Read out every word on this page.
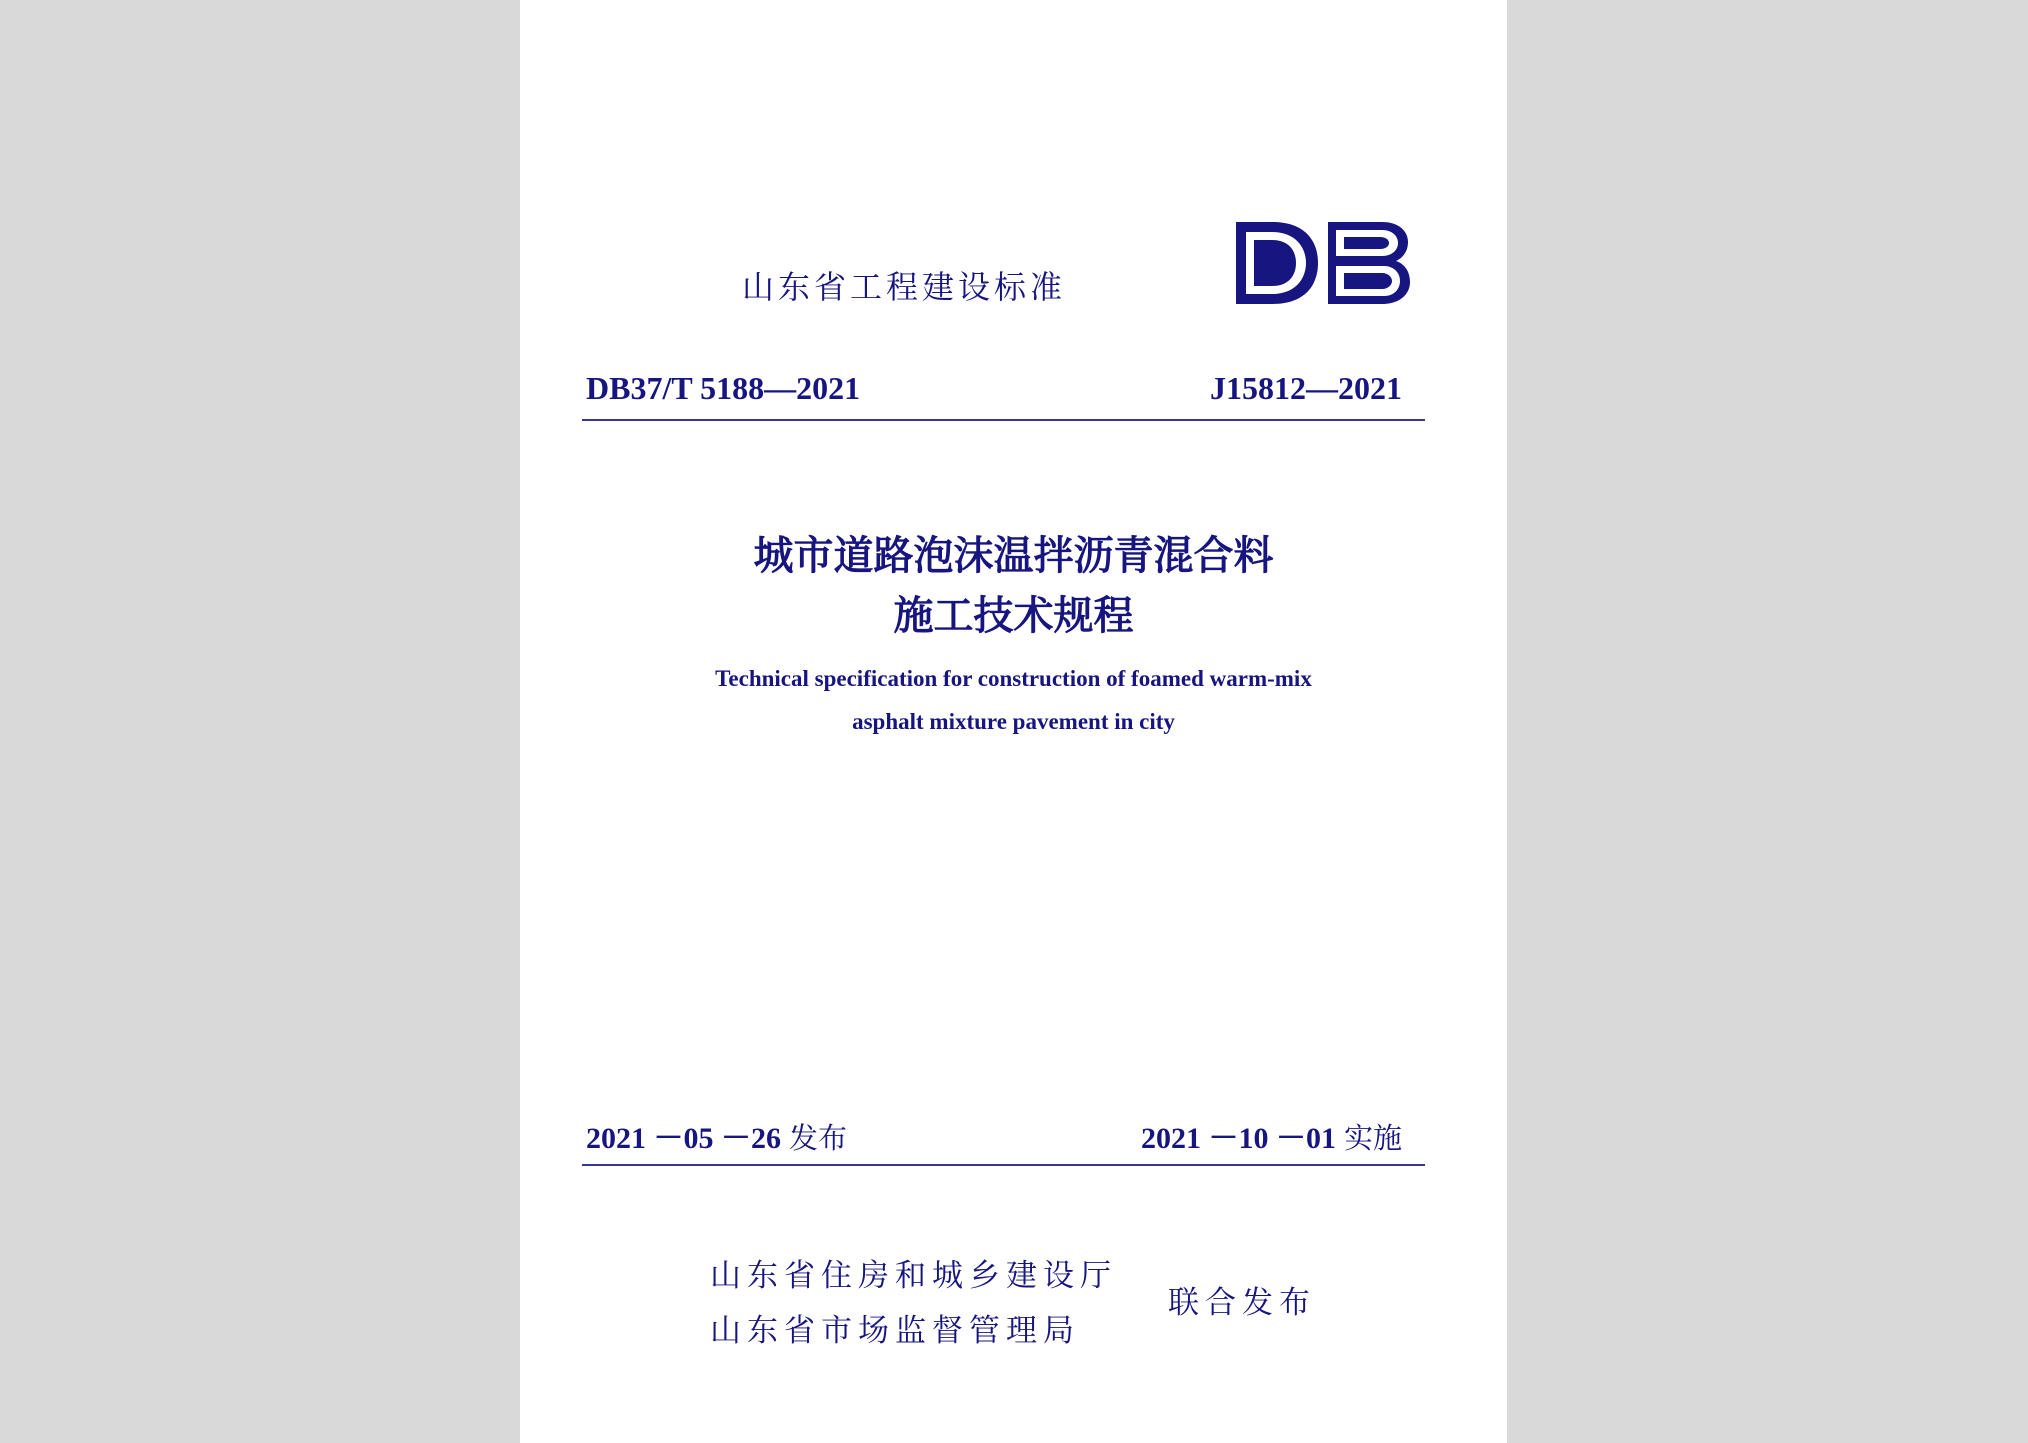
山东省工程建设标准
DB37/T 5188—2021	J15812—2021
城市道路泡沫温拌沥青混合料
施工技术规程
Technical specification for construction of foamed warm-mix
asphalt mixture pavement in city
2021 －05 －26 发布	2021 －10 －01 实施
山东省住房和城乡建设厅
山东省市场监督管理局
联合发布
